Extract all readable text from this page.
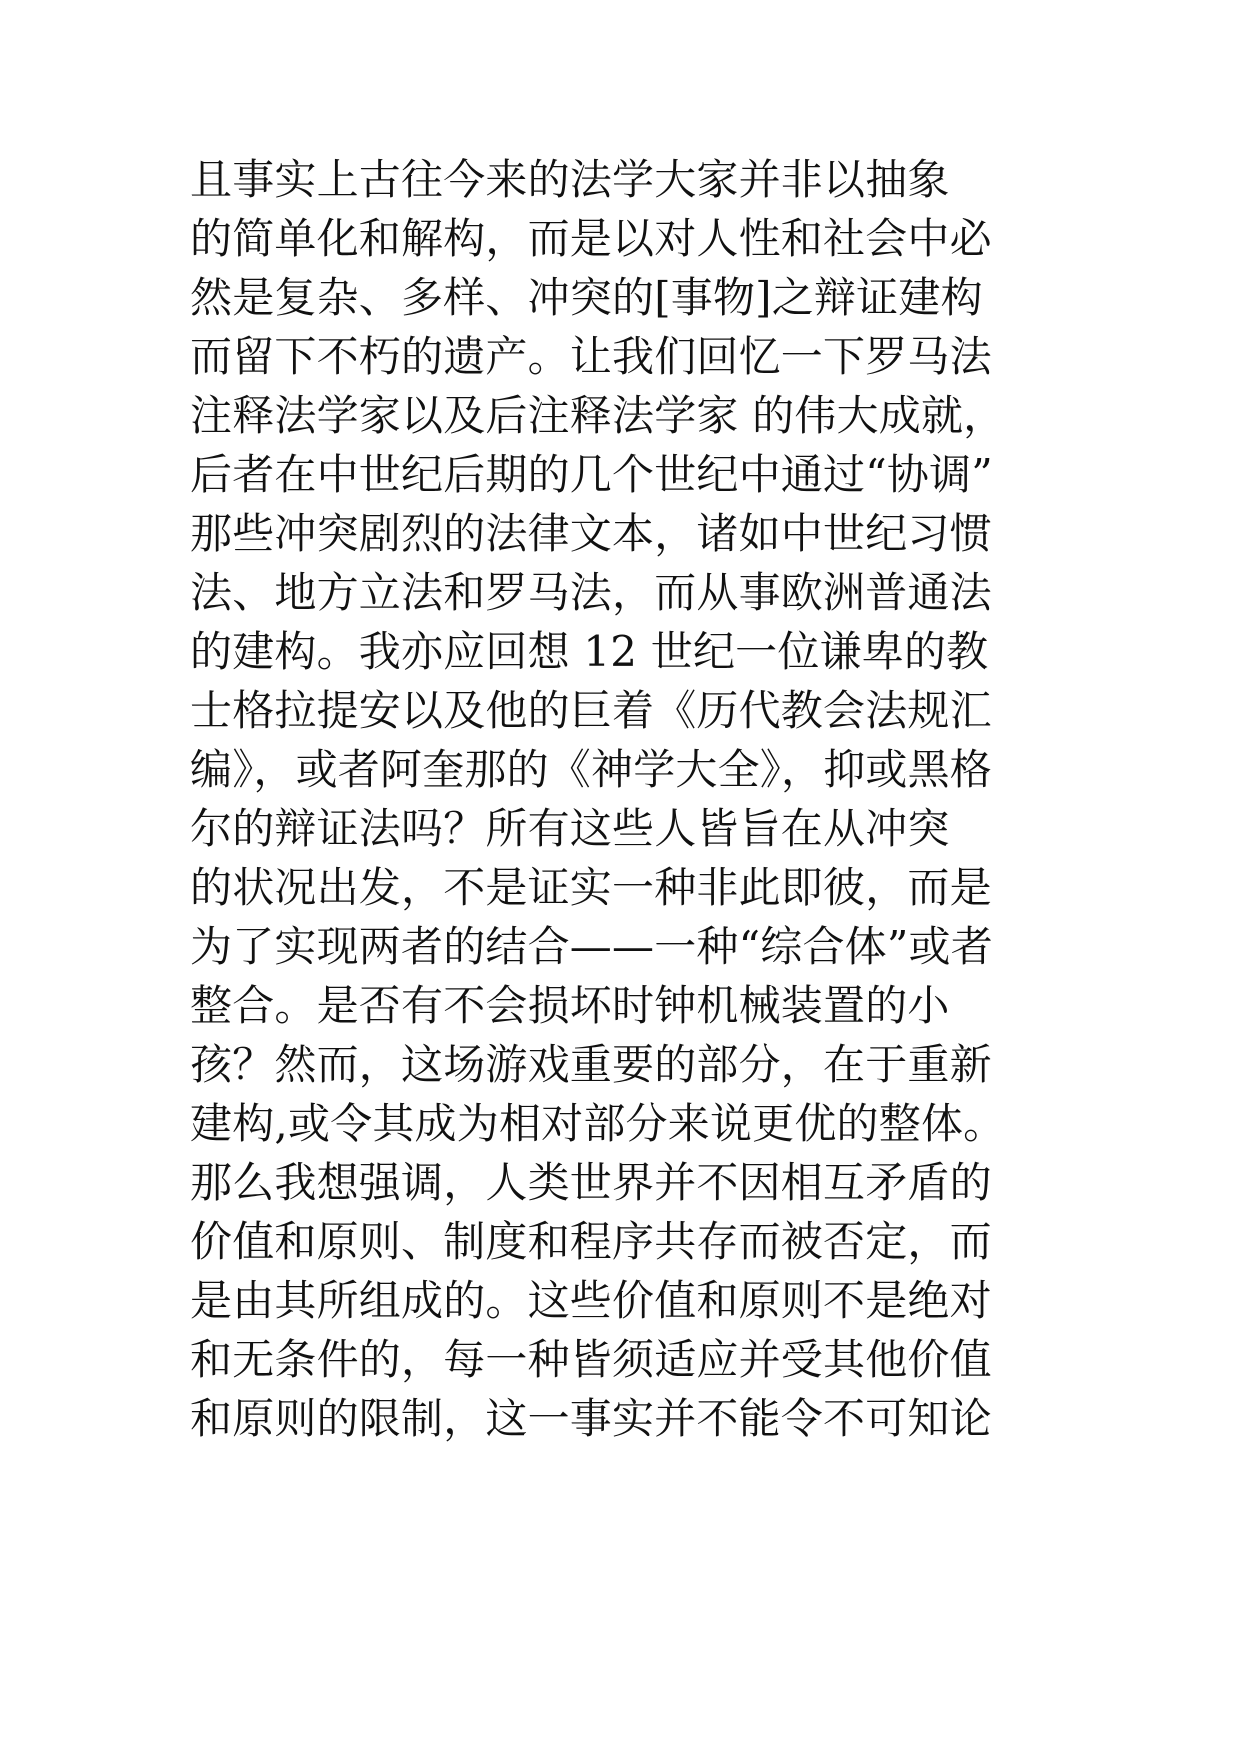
且事实上古往今来的法学大家并非以抽象
的简单化和解构，而是以对人性和社会中必
然是复杂、多样、冲突的[事物]之辩证建构
而留下不朽的遗产。让我们回忆一下罗马法
注释法学家以及后注释法学家 的伟大成就，
后者在中世纪后期的几个世纪中通过“协调”
那些冲突剧烈的法律文本，诸如中世纪习惯
法、地方立法和罗马法，而从事欧洲普通法
的建构。我亦应回想 12 世纪一位谦卑的教
士格拉提安以及他的巨着《历代教会法规汇
编》，或者阿奎那的《神学大全》，抑或黑格
尔的辩证法吗？所有这些人皆旨在从冲突
的状况出发，不是证实一种非此即彼，而是
为了实现两者的结合——一种“综合体”或者
整合。是否有不会损坏时钟机械装置的小
孩？然而，这场游戏重要的部分，在于重新
建构,或令其成为相对部分来说更优的整体。
那么我想强调，人类世界并不因相互矛盾的
价值和原则、制度和程序共存而被否定，而
是由其所组成的。这些价值和原则不是绝对
和无条件的，每一种皆须适应并受其他价值
和原则的限制，这一事实并不能令不可知论
